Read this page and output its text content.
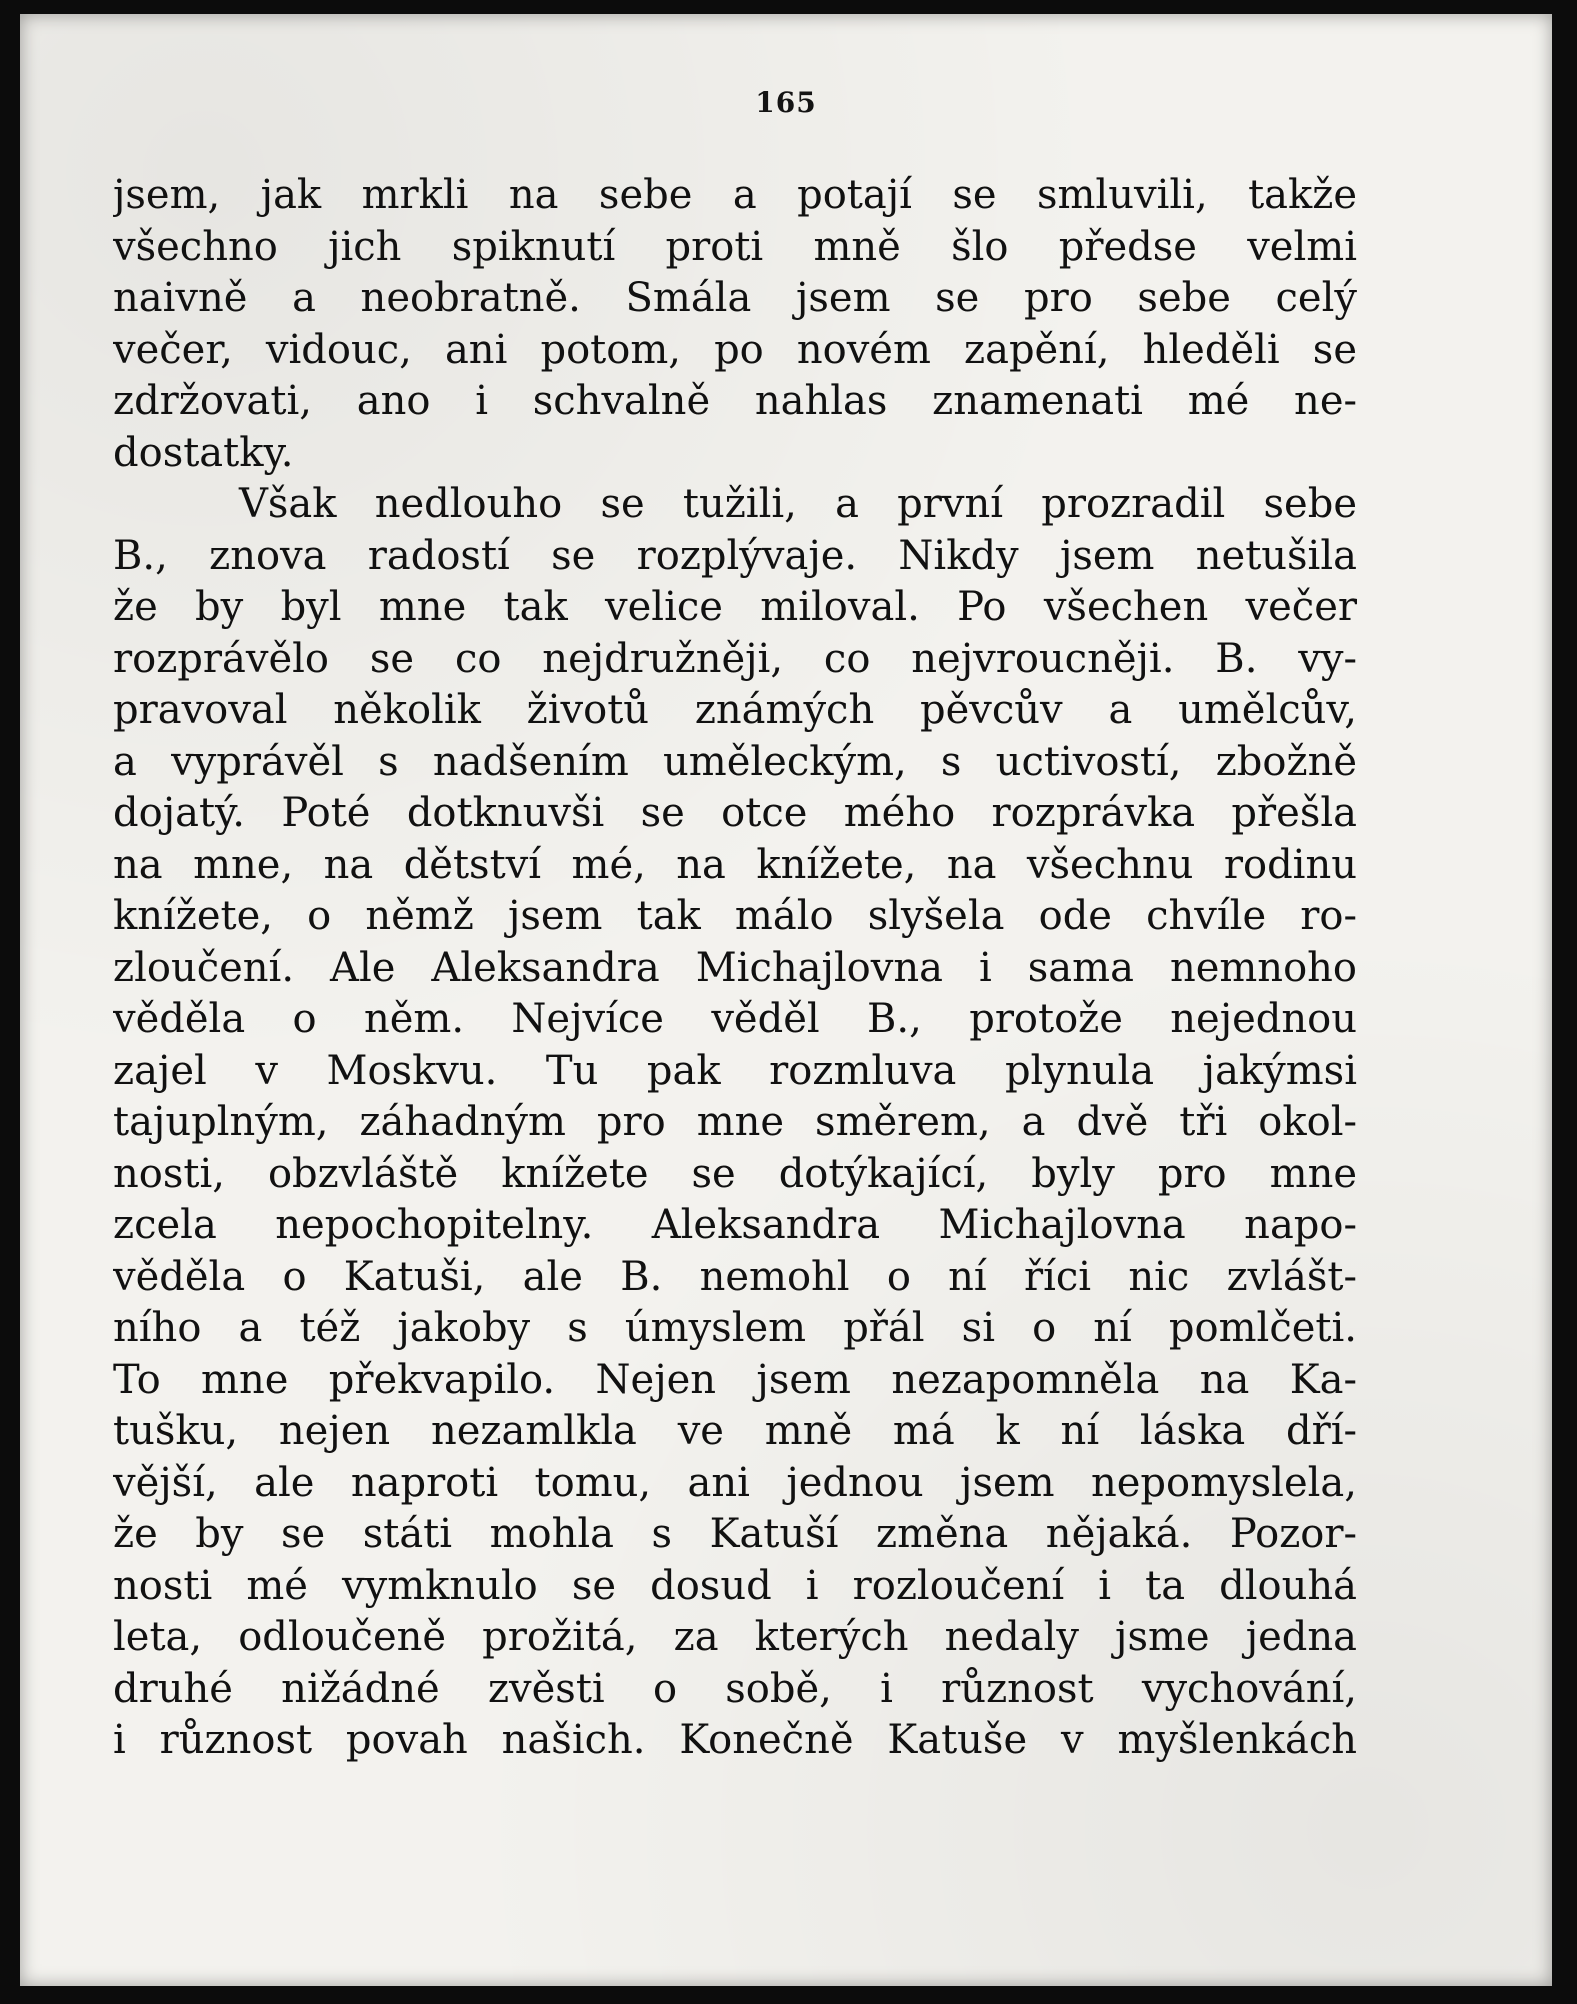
165
jsem, jak mrkli na sebe a potají se smluvili, takže
všechno jich spiknutí proti mně šlo předse velmi
naivně a neobratně. Smála jsem se pro sebe celý
večer, vidouc, ani potom, po novém zapění, hleděli se
zdržovati, ano i schvalně nahlas znamenati mé ne-
dostatky.
Však nedlouho se tužili, a první prozradil sebe
B., znova radostí se rozplývaje. Nikdy jsem netušila
že by byl mne tak velice miloval. Po všechen večer
rozprávělo se co nejdružněji, co nejvroucněji. B. vy-
pravoval několik životů známých pěvcův a umělcův,
a vyprávěl s nadšením uměleckým, s uctivostí, zbožně
dojatý. Poté dotknuvši se otce mého rozprávka přešla
na mne, na dětství mé, na knížete, na všechnu rodinu
knížete, o němž jsem tak málo slyšela ode chvíle ro-
zloučení. Ale Aleksandra Michajlovna i sama nemnoho
věděla o něm. Nejvíce věděl B., protože nejednou
zajel v Moskvu. Tu pak rozmluva plynula jakýmsi
tajuplným, záhadným pro mne směrem, a dvě tři okol-
nosti, obzvláště knížete se dotýkající, byly pro mne
zcela nepochopitelny. Aleksandra Michajlovna napo-
věděla o Katuši, ale B. nemohl o ní říci nic zvlášt-
ního a též jakoby s úmyslem přál si o ní pomlčeti.
To mne překvapilo. Nejen jsem nezapomněla na Ka-
tušku, nejen nezamlkla ve mně má k ní láska dří-
vější, ale naproti tomu, ani jednou jsem nepomyslela,
že by se státi mohla s Katuší změna nějaká. Pozor-
nosti mé vymknulo se dosud i rozloučení i ta dlouhá
leta, odloučeně prožitá, za kterých nedaly jsme jedna
druhé nižádné zvěsti o sobě, i různost vychování,
i různost povah našich. Konečně Katuše v myšlenkách
